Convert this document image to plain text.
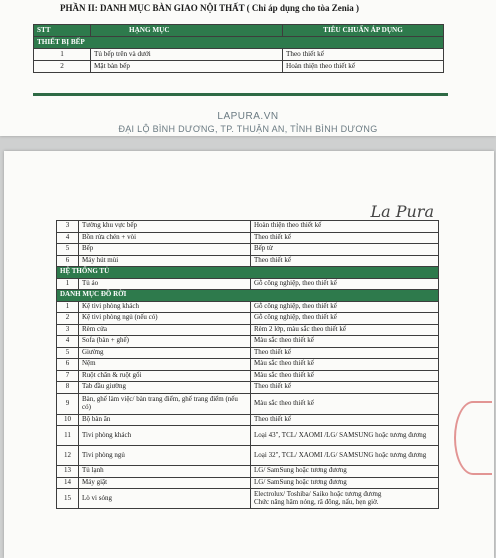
PHẦN II: DANH MỤC BÀN GIAO NỘI THẤT ( Chỉ áp dụng cho tòa Zenia )
STT	HẠNG MỤC	TIÊU CHUẨN ÁP DỤNG
THIẾT BỊ BẾP		
1	Tủ bếp trên và dưới	Theo thiết kế
2	Mặt bàn bếp	Hoàn thiện theo thiết kế
LAPURA.VN
ĐẠI LỘ BÌNH DƯƠNG, TP. THUẬN AN, TỈNH BÌNH DƯƠNG
La Pura
3	Tường khu vực bếp	Hoàn thiện theo thiết kế
4	Bồn rửa chén + vòi	Theo thiết kế
5	Bếp	Bếp từ
6	Máy hút mùi	Theo thiết kế
HỆ THỐNG TỦ		
1	Tủ áo	Gỗ công nghiệp, theo thiết kế
DANH MỤC ĐỒ RỜI		
1	Kệ tivi phòng khách	Gỗ công nghiệp, theo thiết kế
2	Kệ tivi phòng ngủ (nếu có)	Gỗ công nghiệp, theo thiết kế
3	Rèm cửa	Rèm 2 lớp, màu sắc theo thiết kế
4	Sofa (bàn + ghế)	Màu sắc theo thiết kế
5	Giường	Theo thiết kế
6	Nệm	Màu sắc theo thiết kế
7	Ruột chăn & ruột gối	Màu sắc theo thiết kế
8	Tab đầu giường	Theo thiết kế
9	Bàn, ghế làm việc/ bàn trang điểm, ghế trang điểm (nếu có)	Màu sắc theo thiết kế
10	Bộ bàn ăn	Theo thiết kế
11	Tivi phòng khách	Loại 43", TCL/ XAOMI /LG/ SAMSUNG hoặc tương đương
12	Tivi phòng ngủ	Loại 32", TCL/ XAOMI /LG/ SAMSUNG hoặc tương đương
13	Tủ lạnh	LG/ SamSung hoặc tương đương
14	Máy giặt	LG/ SamSung hoặc tương đương
15	Lò vi sóng	Electrolux/ Toshiba/ Saiko hoặc tương đương
Chức năng hâm nóng, rã đông, nấu, hẹn giờ.
